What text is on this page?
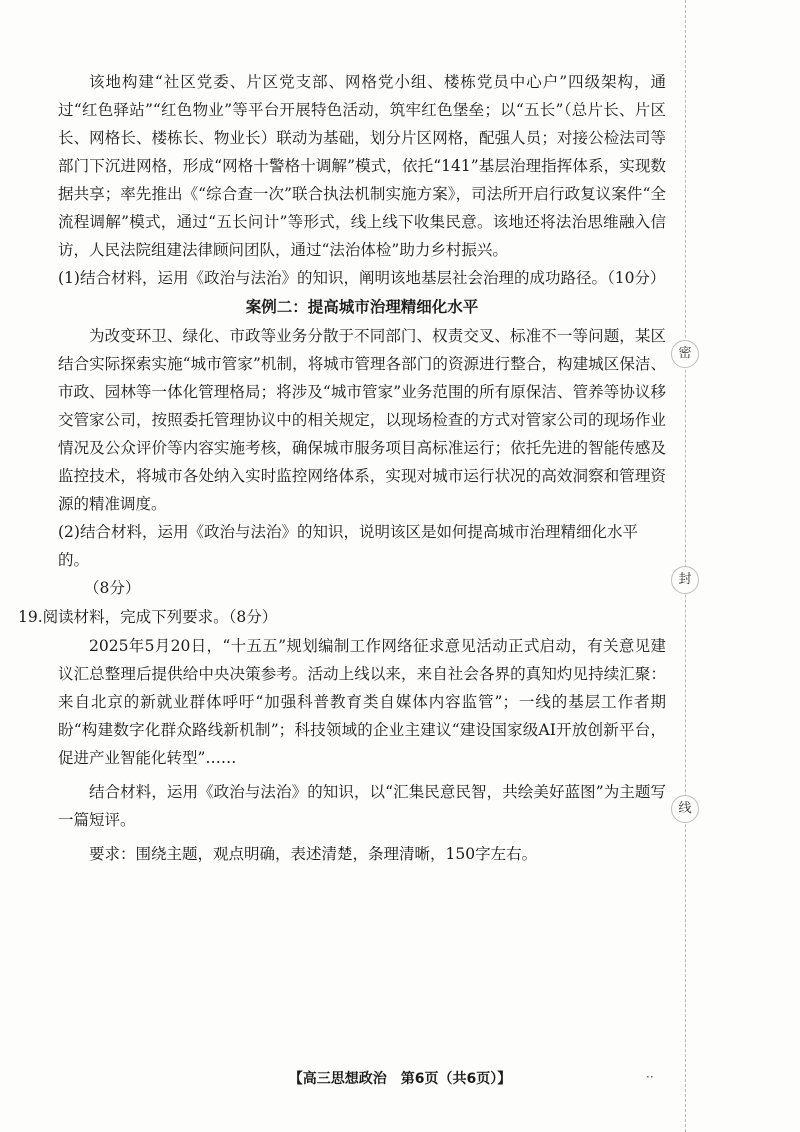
该地构建“社区党委、片区党支部、网格党小组、楼栋党员中心户”四级架构，通过“红色驿站”“红色物业”等平台开展特色活动，筑牢红色堡垒；以“五长”（总片长、片区长、网格长、楼栋长、物业长）联动为基础，划分片区网格，配强人员；对接公检法司等部门下沉进网格，形成“网格十警格十调解”模式，依托“141”基层治理指挥体系，实现数据共享；率先推出《“综合查一次”联合执法机制实施方案》，司法所开启行政复议案件“全流程调解”模式，通过“五长问计”等形式，线上线下收集民意。该地还将法治思维融入信访，人民法院组建法律顾问团队，通过“法治体检”助力乡村振兴。

(1)结合材料，运用《政治与法治》的知识，阐明该地基层社会治理的成功路径。（10分）

案例二：提高城市治理精细化水平

为改变环卫、绿化、市政等业务分散于不同部门、权责交叉、标准不一等问题，某区结合实际探索实施“城市管家”机制，将城市管理各部门的资源进行整合，构建城区保洁、市政、园林等一体化管理格局；将涉及“城市管家”业务范围的所有原保洁、管养等协议移交管家公司，按照委托管理协议中的相关规定，以现场检查的方式对管家公司的现场作业情况及公众评价等内容实施考核，确保城市服务项目高标准运行；依托先进的智能传感及监控技术，将城市各处纳入实时监控网络体系，实现对城市运行状况的高效洞察和管理资源的精准调度。

(2)结合材料，运用《政治与法治》的知识，说明该区是如何提高城市治理精细化水平的。

（8分）

19.阅读材料，完成下列要求。（8分）

2025年5月20日，“十五五”规划编制工作网络征求意见活动正式启动，有关意见建议汇总整理后提供给中央决策参考。活动上线以来，来自社会各界的真知灼见持续汇聚：来自北京的新就业群体呼吁“加强科普教育类自媒体内容监管”；一线的基层工作者期盼“构建数字化群众路线新机制”；科技领域的企业主建议“建设国家级AI开放创新平台，促进产业智能化转型”……

结合材料，运用《政治与法治》的知识，以“汇集民意民智，共绘美好蓝图”为主题写一篇短评。

要求：围绕主题，观点明确，表述清楚，条理清晰，150字左右。

密
封
线
【高三思想政治　第6页（共6页）】	··
